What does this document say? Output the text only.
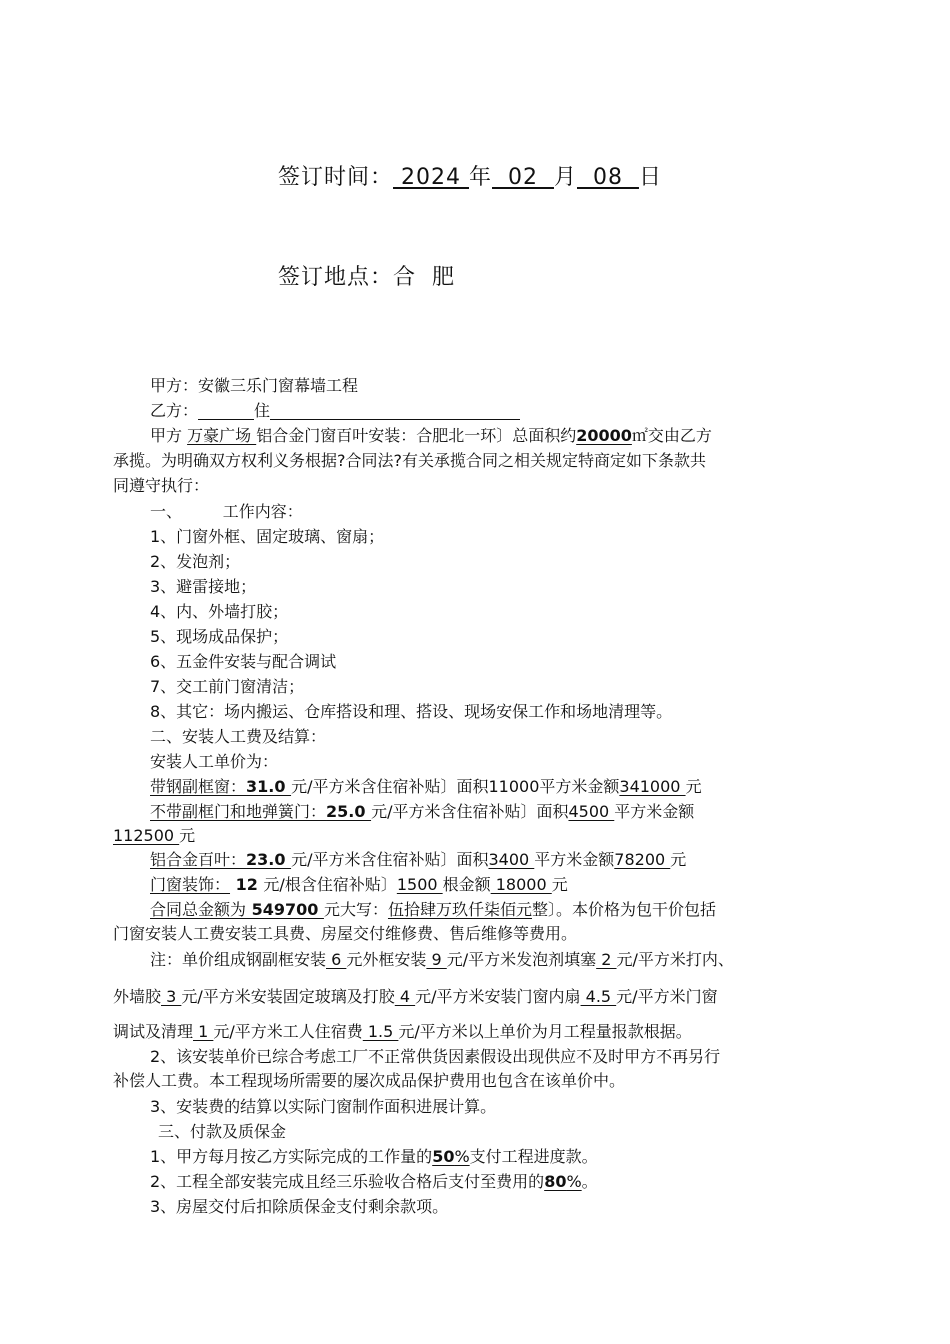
签订时间： 2024 年  02  月  08  日
签订地点：合  肥
甲方：安徽三乐门窗幕墙工程
乙方：	住
甲方 万豪广场 铝合金门窗百叶安装：合肥北一环〕总面积约20000㎡交由乙方
承揽。为明确双方权利义务根据?合同法?有关承揽合同之相关规定特商定如下条款共
同遵守执行：
一、        工作内容：
1、门窗外框、固定玻璃、窗扇；
2、发泡剂；
3、避雷接地；
4、内、外墙打胶；
5、现场成品保护；
6、五金件安装与配合调试
7、交工前门窗清洁；
8、其它：场内搬运、仓库搭设和理、搭设、现场安保工作和场地清理等。
二、安装人工费及结算：
安装人工单价为：
带钢副框窗：31.0 元/平方米含住宿补贴〕面积11000平方米金额341000 元
不带副框门和地弹簧门：25.0 元/平方米含住宿补贴〕面积4500 平方米金额
112500 元
铝合金百叶：23.0 元/平方米含住宿补贴〕面积3400 平方米金额78200 元
门窗装饰： 12 元/根含住宿补贴〕1500 根金额 18000 元
合同总金额为 549700 元大写：伍拾肆万玖仟柒佰元整〕。本价格为包干价包括
门窗安装人工费安装工具费、房屋交付维修费、售后维修等费用。
注：单价组成钢副框安装 6 元外框安装 9 元/平方米发泡剂填塞 2 元/平方米打内、
外墙胶 3 元/平方米安装固定玻璃及打胶 4 元/平方米安装门窗内扇 4.5 元/平方米门窗
调试及清理 1 元/平方米工人住宿费 1.5 元/平方米以上单价为月工程量报款根据。
2、该安装单价已综合考虑工厂不正常供货因素假设出现供应不及时甲方不再另行
补偿人工费。本工程现场所需要的屡次成品保护费用也包含在该单价中。
3、安装费的结算以实际门窗制作面积进展计算。
三、付款及质保金
1、甲方每月按乙方实际完成的工作量的50%支付工程进度款。
2、工程全部安装完成且经三乐验收合格后支付至费用的80%。
3、房屋交付后扣除质保金支付剩余款项。
